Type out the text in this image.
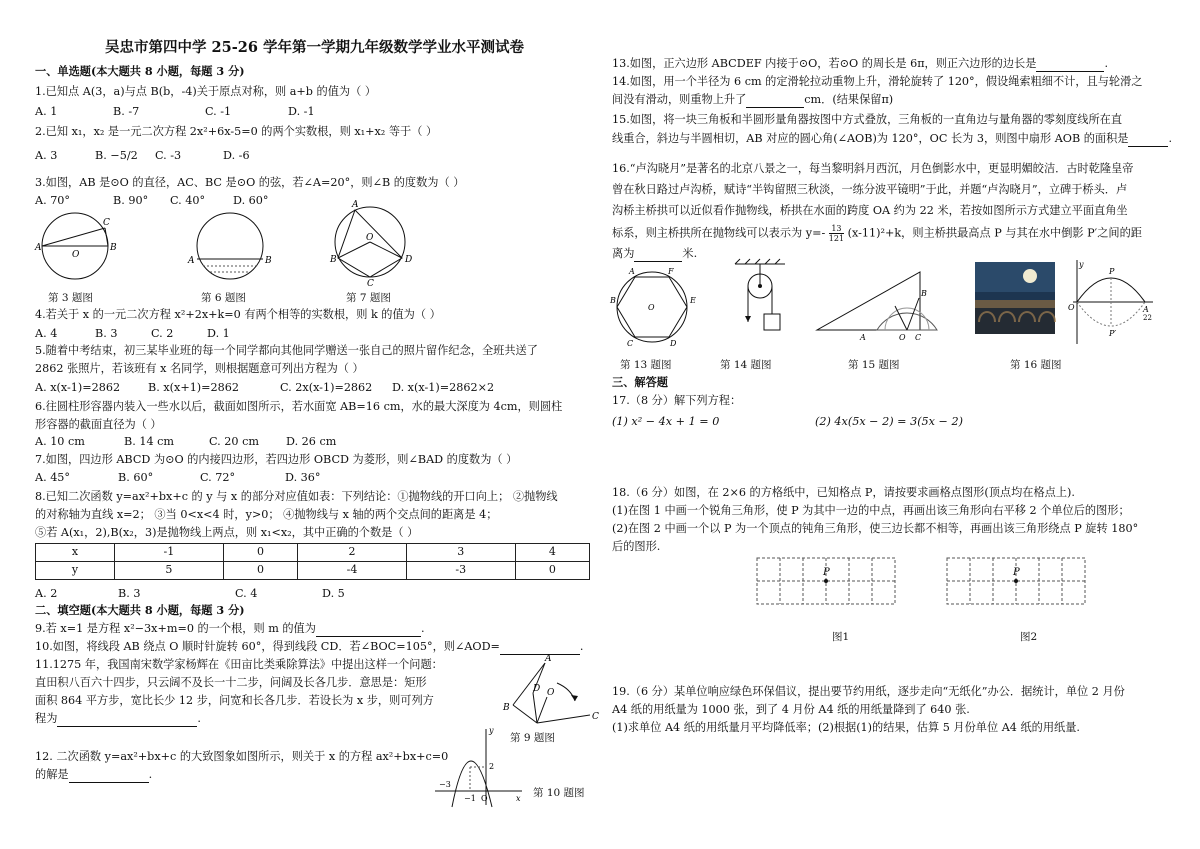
吴忠市第四中学 25-26 学年第一学期九年级数学学业水平测试卷
一、单选题(本大题共 8 小题，每题 3 分)
1.已知点 A(3，a)与点 B(b，-4)关于原点对称，则 a+b 的值为（ ）
A. 1	B. -7	C. -1	D. -1
2.已知 x₁，x₂ 是一元二次方程 2x²+6x-5=0 的两个实数根，则 x₁+x₂ 等于（ ）
A. 3	B. −5/2 C. -3	D. -6
3.如图，AB 是⊙O 的直径，AC、BC 是⊙O 的弦，若∠A=20°，则∠B 的度数为（ ）
A. 70°	B. 90° C. 40° D. 60°
A	B
C
O
A	B
A
B
C
D
O
第 3 题图	第 6 题图	第 7 题图
4.若关于 x 的一元二次方程 x²+2x+k=0 有两个相等的实数根，则 k 的值为（ ）
A. 4	B. 3	C. 2	D. 1
5.随着中考结束，初三某毕业班的每一个同学都向其他同学赠送一张自己的照片留作纪念，全班共送了
2862 张照片，若该班有 x 名同学，则根据题意可列出方程为（ ）
A. x(x-1)=2862 B. x(x+1)=2862	C. 2x(x-1)=2862 D. x(x-1)=2862×2
6.往圆柱形容器内装入一些水以后，截面如图所示，若水面宽 AB=16 cm，水的最大深度为 4cm，则圆柱
形容器的截面直径为（ ）
A. 10 cm	B. 14 cm	C. 20 cm D. 26 cm
7.如图，四边形 ABCD 为⊙O 的内接四边形，若四边形 OBCD 为菱形，则∠BAD 的度数为（ ）
A. 45°	B. 60°	C. 72°	D. 36°
8.已知二次函数 y=ax²+bx+c 的 y 与 x 的部分对应值如表：下列结论：①抛物线的开口向上； ②抛物线
的对称轴为直线 x=2； ③当 0<x<4 时，y>0； ④抛物线与 x 轴的两个交点间的距离是 4；
⑤若 A(x₁，2),B(x₂，3)是抛物线上两点，则 x₁<x₂，其中正确的个数是（ ）
x	-1	0	2	3	4
y	5	0	-4	-3	0
A. 2	B. 3	C. 4	D. 5
二、填空题(本大题共 8 小题，每题 3 分)
9.若 x=1 是方程 x²−3x+m=0 的一个根，则 m 的值为	.
10.如图，将线段 AB 绕点 O 顺时针旋转 60°，得到线段 CD．若∠BOC=105°，则∠AOD=	.
11.1275 年，我国南宋数学家杨辉在《田亩比类乘除算法》中提出这样一个问题：
直田积八百六十四步，只云阔不及长一十二步，问阔及长各几步．意思是：矩形
面积 864 平方步，宽比长少 12 步，问宽和长各几步．若设长为 x 步，则可列方
程为	.
A
B
C
D O
第 9 题图
12. 二次函数 y=ax²+bx+c 的大致图象如图所示，则关于 x 的方程 ax²+bx+c=0
的解是	.
−3
−1 O
2
y
x 第 10 题图
13.如图，正六边形 ABCDEF 内接于⊙O，若⊙O 的周长是 6π，则正六边形的边长是	.
14.如图，用一个半径为 6 cm 的定滑轮拉动重物上升，滑轮旋转了 120°，假设绳索粗细不计，且与轮滑之
间没有滑动，则重物上升了	cm．(结果保留π)
15.如图，将一块三角板和半圆形量角器按图中方式叠放，三角板的一直角边与量角器的零刻度线所在直
线重合，斜边与半圆相切，AB 对应的圆心角(∠AOB)为 120°，OC 长为 3，则图中扇形 AOB 的面积是	.
16.“卢沟晓月”是著名的北京八景之一，每当黎明斜月西沉，月色倒影水中，更显明媚皎洁．古时乾隆皇帝
曾在秋日路过卢沟桥，赋诗“半钩留照三秋淡，一练分波平镜明”于此，并题“卢沟晓月”，立碑于桥头．卢
沟桥主桥拱可以近似看作抛物线，桥拱在水面的跨度 OA 约为 22 米，若按如图所示方式建立平面直角坐
标系，则主桥拱所在抛物线可以表示为 $y=- \frac{13}{121} (x-11)^2+k$，则主桥拱最高点 P 与其在水中倒影 P′之间的距
离为	米.
A	F
B	E
C	D
O
A	O C
B
P
P′
O	A
22
y
第 13 题图	第 14 题图	第 15 题图	第 16 题图
三、解答题
17.（8 分）解下列方程：
(1) x² − 4x + 1 = 0	(2) 4x(5x − 2) = 3(5x − 2)
18.（6 分）如图，在 2×6 的方格纸中，已知格点 P，请按要求画格点图形(顶点均在格点上).
(1)在图 1 中画一个锐角三角形，使 P 为其中一边的中点，再画出该三角形向右平移 2 个单位后的图形；
(2)在图 2 中画一个以 P 为一个顶点的钝角三角形，使三边长都不相等，再画出该三角形绕点 P 旋转 180°
后的图形.
P	P
图1	图2
19.（6 分）某单位响应绿色环保倡议，提出要节约用纸，逐步走向“无纸化”办公．据统计，单位 2 月份
A4 纸的用纸量为 1000 张，到了 4 月份 A4 纸的用纸量降到了 640 张.
(1)求单位 A4 纸的用纸量月平均降低率；(2)根据(1)的结果，估算 5 月份单位 A4 纸的用纸量.
